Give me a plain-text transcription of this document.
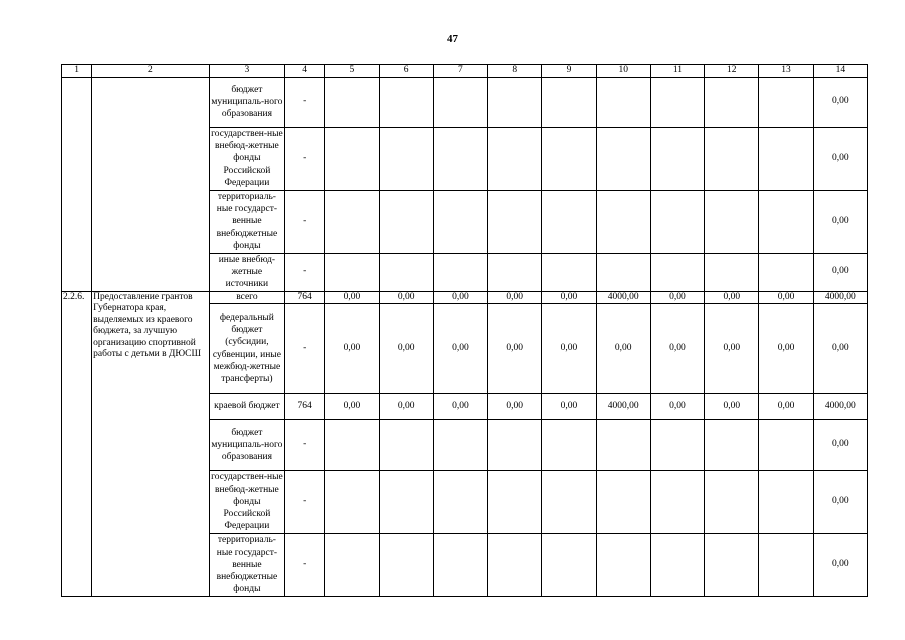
47
1	2	3	4	5	6	7	8	9	10	11	12	13	14
		бюджет муниципаль-ного образования	-										0,00
		государствен-ные внебюд-жетные фонды Российской Федерации	-										0,00
		территориаль-ные государст-венные внебюджетные фонды	-										0,00
		иные внебюд-жетные источники	-										0,00
2.2.6.	Предоставление грантов Губернатора края, выделяемых из краевого бюджета, за лучшую организацию спортивной работы с детьми в ДЮСШ	всего	764	0,00	0,00	0,00	0,00	0,00	4000,00	0,00	0,00	0,00	4000,00
		федеральный бюджет (субсидии, субвенции, иные межбюд-жетные трансферты)	-	0,00	0,00	0,00	0,00	0,00	0,00	0,00	0,00	0,00	0,00
		краевой бюджет	764	0,00	0,00	0,00	0,00	0,00	4000,00	0,00	0,00	0,00	4000,00
		бюджет муниципаль-ного образования	-										0,00
		государствен-ные внебюд-жетные фонды Российской Федерации	-										0,00
		территориаль-ные государст-венные внебюджетные фонды	-										0,00
